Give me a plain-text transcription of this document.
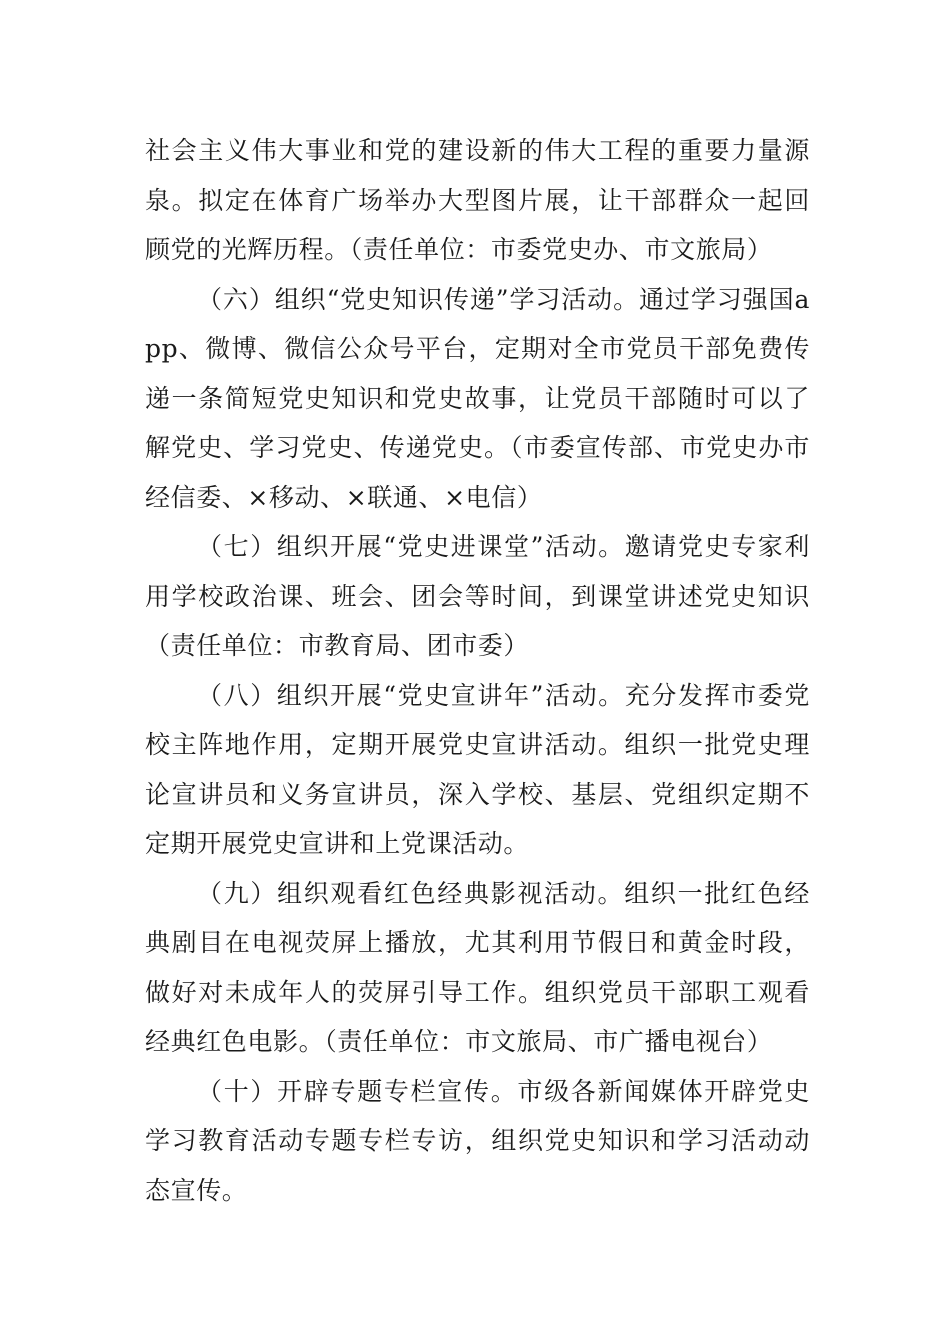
社会主义伟大事业和党的建设新的伟大工程的重要力量源泉。拟定在体育广场举办大型图片展，让干部群众一起回顾党的光辉历程。（责任单位：市委党史办、市文旅局）

（六）组织“党史知识传递”学习活动。通过学习强国app、微博、微信公众号平台，定期对全市党员干部免费传递一条简短党史知识和党史故事，让党员干部随时可以了解党史、学习党史、传递党史。（市委宣传部、市党史办市经信委、×移动、×联通、×电信）

（七）组织开展“党史进课堂”活动。邀请党史专家利用学校政治课、班会、团会等时间，到课堂讲述党史知识（责任单位：市教育局、团市委）

（八）组织开展“党史宣讲年”活动。充分发挥市委党校主阵地作用，定期开展党史宣讲活动。组织一批党史理论宣讲员和义务宣讲员，深入学校、基层、党组织定期不定期开展党史宣讲和上党课活动。

（九）组织观看红色经典影视活动。组织一批红色经典剧目在电视荧屏上播放，尤其利用节假日和黄金时段，做好对未成年人的荧屏引导工作。组织党员干部职工观看经典红色电影。（责任单位：市文旅局、市广播电视台）

（十）开辟专题专栏宣传。市级各新闻媒体开辟党史学习教育活动专题专栏专访，组织党史知识和学习活动动态宣传。
